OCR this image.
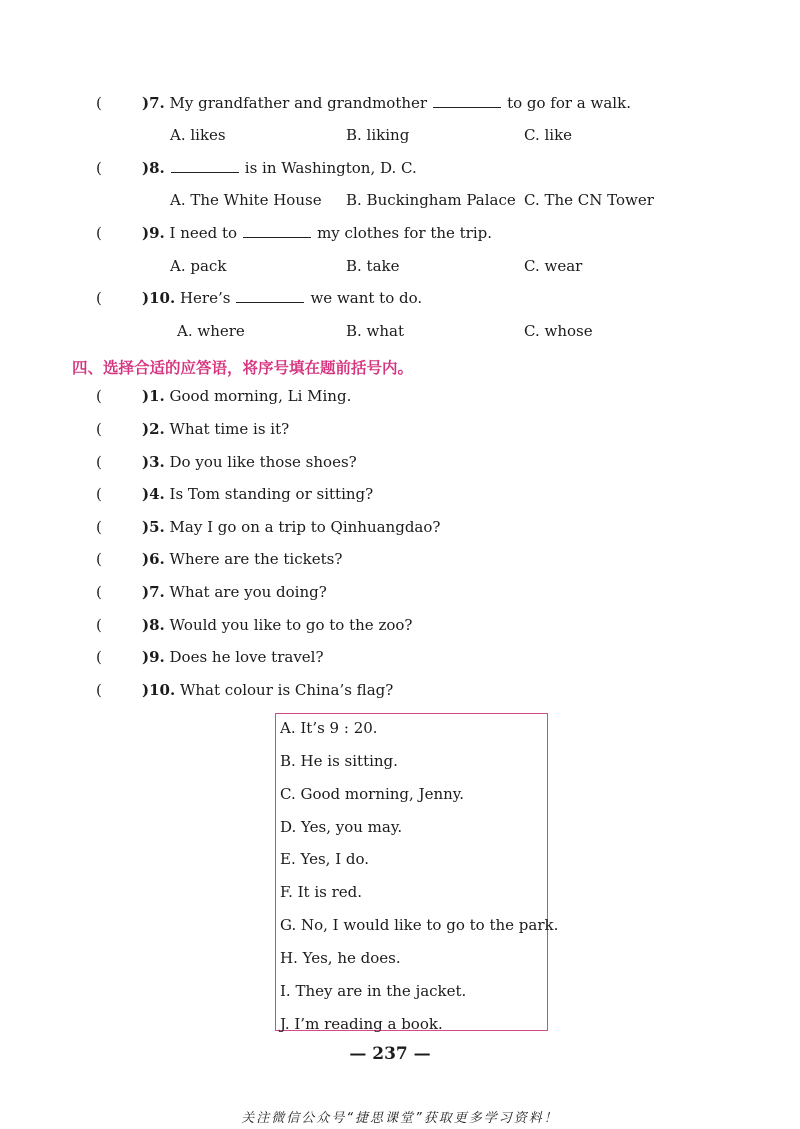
(	)7. My grandfather and grandmother	to go for a walk.
A. likes	B. liking	C. like
(	)8.	is in Washington, D. C.
A. The White House B. Buckingham Palace C. The CN Tower
(	)9. I need to	my clothes for the trip.
A. pack	B. take	C. wear
(	)10. Here’s	we want to do.
A. where	B. what	C. whose
四、选择合适的应答语，将序号填在题前括号内。
(	)1. Good morning, Li Ming.
(	)2. What time is it?
(	)3. Do you like those shoes?
(	)4. Is Tom standing or sitting?
(	)5. May I go on a trip to Qinhuangdao?
(	)6. Where are the tickets?
(	)7. What are you doing?
(	)8. Would you like to go to the zoo?
(	)9. Does he love travel?
(	)10. What colour is China’s flag?
A. It’s 9 : 20.
B. He is sitting.
C. Good morning, Jenny.
D. Yes, you may.
E. Yes, I do.
F. It is red.
G. No, I would like to go to the park.
H. Yes, he does.
I. They are in the jacket.
J. I’m reading a book.
— 237 —
关注微信公众号“捷思课堂”获取更多学习资料！
